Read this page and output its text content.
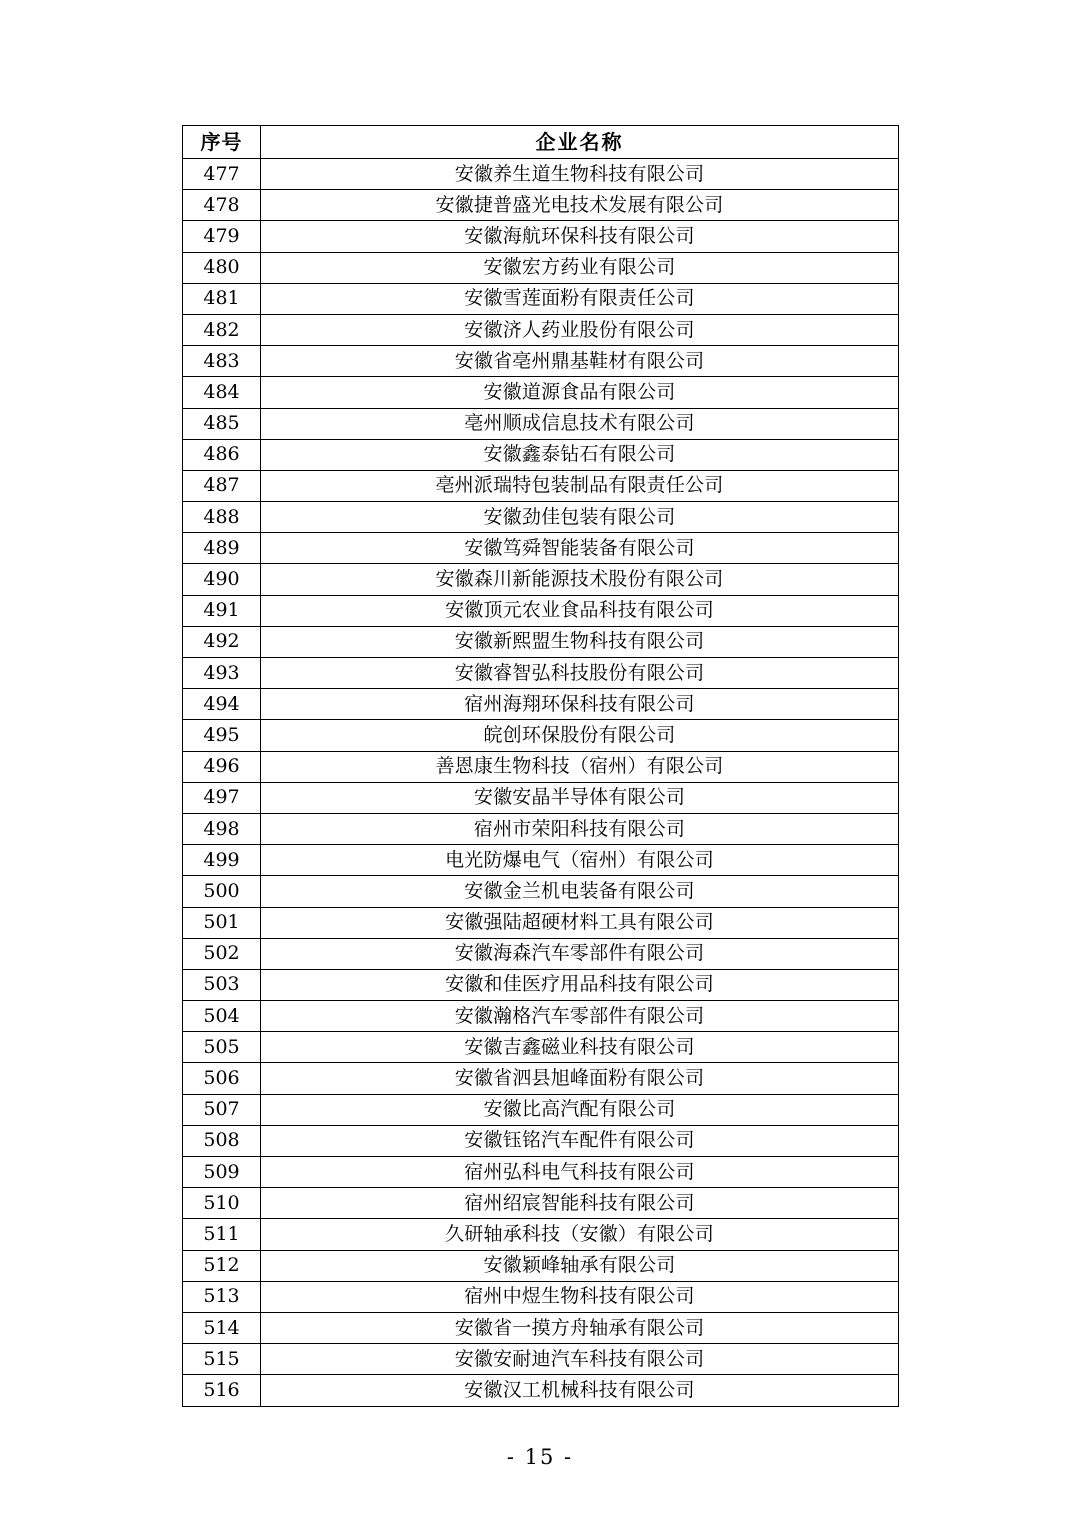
序号	企业名称
477	安徽养生道生物科技有限公司
478	安徽捷普盛光电技术发展有限公司
479	安徽海航环保科技有限公司
480	安徽宏方药业有限公司
481	安徽雪莲面粉有限责任公司
482	安徽济人药业股份有限公司
483	安徽省亳州鼎基鞋材有限公司
484	安徽道源食品有限公司
485	亳州顺成信息技术有限公司
486	安徽鑫泰钻石有限公司
487	亳州派瑞特包装制品有限责任公司
488	安徽劲佳包装有限公司
489	安徽笃舜智能装备有限公司
490	安徽森川新能源技术股份有限公司
491	安徽顶元农业食品科技有限公司
492	安徽新熙盟生物科技有限公司
493	安徽睿智弘科技股份有限公司
494	宿州海翔环保科技有限公司
495	皖创环保股份有限公司
496	善恩康生物科技（宿州）有限公司
497	安徽安晶半导体有限公司
498	宿州市荣阳科技有限公司
499	电光防爆电气（宿州）有限公司
500	安徽金兰机电装备有限公司
501	安徽强陆超硬材料工具有限公司
502	安徽海森汽车零部件有限公司
503	安徽和佳医疗用品科技有限公司
504	安徽瀚格汽车零部件有限公司
505	安徽吉鑫磁业科技有限公司
506	安徽省泗县旭峰面粉有限公司
507	安徽比高汽配有限公司
508	安徽钰铭汽车配件有限公司
509	宿州弘科电气科技有限公司
510	宿州绍宸智能科技有限公司
511	久研轴承科技（安徽）有限公司
512	安徽颖峰轴承有限公司
513	宿州中煜生物科技有限公司
514	安徽省一摸方舟轴承有限公司
515	安徽安耐迪汽车科技有限公司
516	安徽汉工机械科技有限公司
- 15 -
